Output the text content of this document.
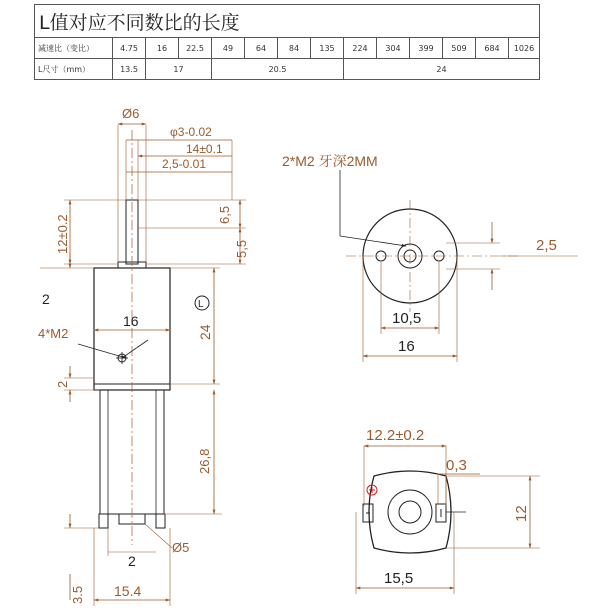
L值对应不同数比的长度													
减速比（变比）	4.75	16	22.5	49	64	84	135	224	304	399	509	684	1026
L尺寸（mm）	13.5	17		20.5				24					
Ø6
φ3-0.02
14±0.1
2,5-0.01
6,5
5,5
12±0.2
2
16
24
L
4*M2
2
26,8
2
Ø5
3.5 15.4
2*M2 牙深2MM
2,5
10,5
16
12.2±0.2
0,3
12
15,5
